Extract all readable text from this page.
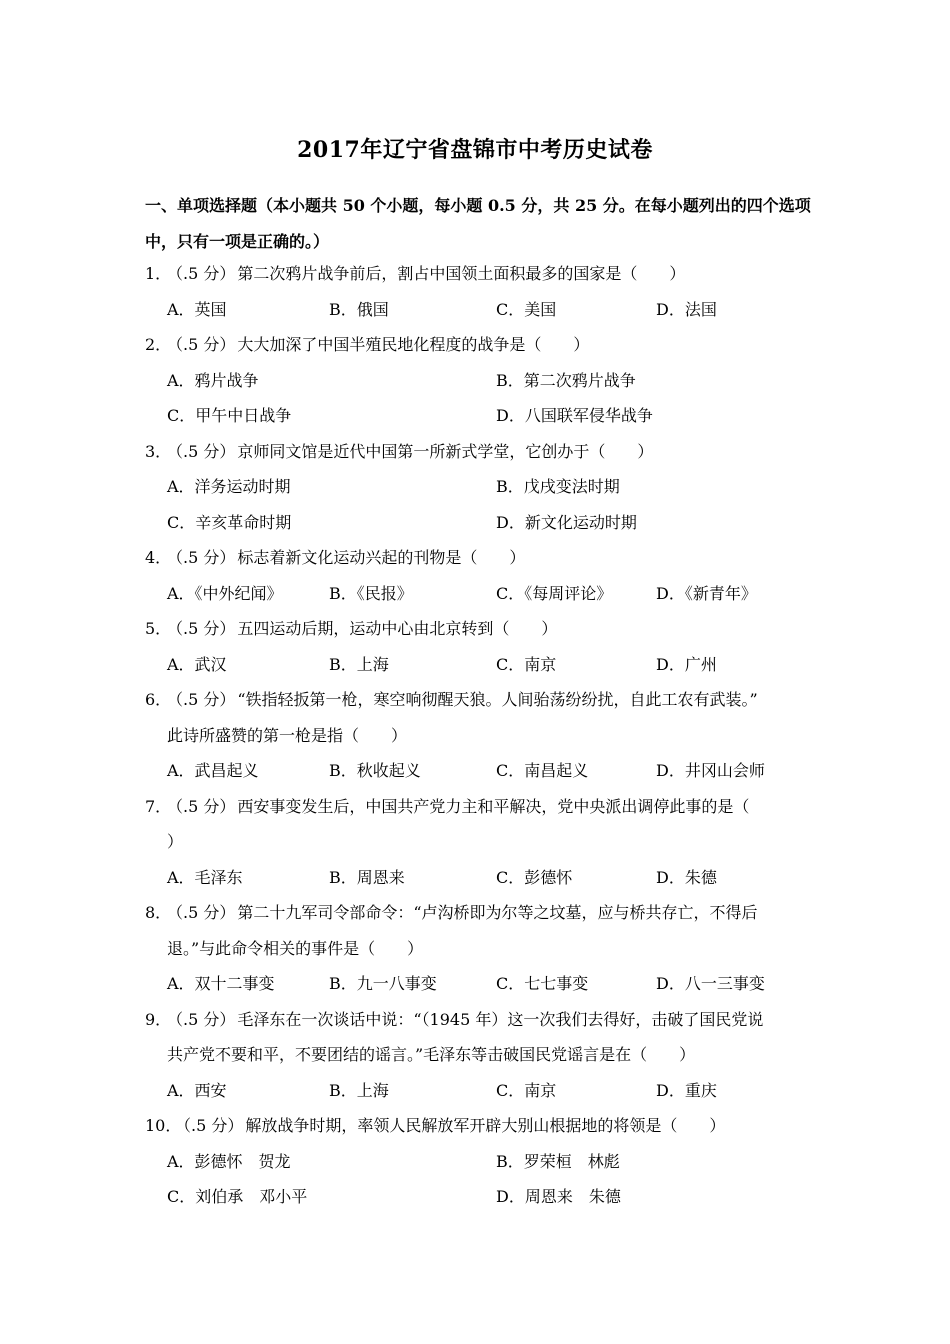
2017年辽宁省盘锦市中考历史试卷
一、单项选择题（本小题共 50 个小题，每小题 0.5 分，共 25 分。在每小题列出的四个选项
中，只有一项是正确的。）
1．
（.5 分） 第二次鸦片战争前后，割占中国领土面积最多的国家是（　　）
A．英国	B．俄国	C．美国	D．法国
2．
（.5 分） 大大加深了中国半殖民地化程度的战争是（　　）
A．鸦片战争	B．第二次鸦片战争
C．甲午中日战争	D．八国联军侵华战争
3．
（.5 分） 京师同文馆是近代中国第一所新式学堂，它创办于（　　）
A．洋务运动时期	B．戊戌变法时期
C．辛亥革命时期	D．新文化运动时期
4．
（.5 分） 标志着新文化运动兴起的刊物是（　　）
A．《中外纪闻》	B．《民报》	C．《每周评论》	D．《新青年》
5．
（.5 分） 五四运动后期，运动中心由北京转到（　　）
A．武汉	B．上海	C．南京	D．广州
6．
（.5 分） “铁指轻扳第一枪，寒空响彻醒天狼。人间骀荡纷纷扰，自此工农有武装。”
此诗所盛赞的第一枪是指（　　）
A．武昌起义	B．秋收起义	C．南昌起义	D．井冈山会师
7．
（.5 分） 西安事变发生后，中国共产党力主和平解决，党中央派出调停此事的是（
）
A．毛泽东	B．周恩来	C．彭德怀	D．朱德
8．
（.5 分） 第二十九军司令部命令：“卢沟桥即为尔等之坟墓，应与桥共存亡，不得后
退。”与此命令相关的事件是（　　）
A．双十二事变	B．九一八事变	C．七七事变	D．八一三事变
9．
（.5 分） 毛泽东在一次谈话中说：“（1945 年）这一次我们去得好，击破了国民党说
共产党不要和平，不要团结的谣言。”毛泽东等击破国民党谣言是在（　　）
A．西安	B．上海	C．南京	D．重庆
10．
（.5 分） 解放战争时期，率领人民解放军开辟大别山根据地的将领是（　　）
A．彭德怀　贺龙	B．罗荣桓　林彪
C．刘伯承　邓小平	D．周恩来　朱德
